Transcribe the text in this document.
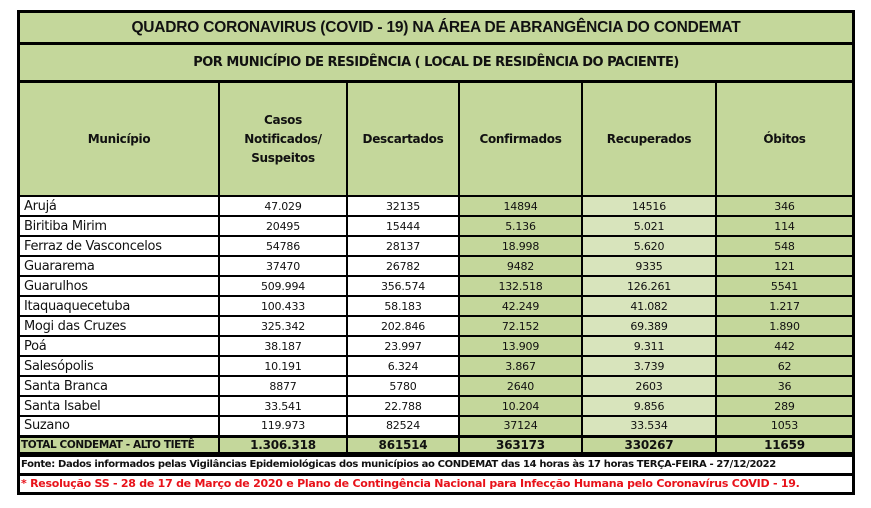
QUADRO CORONAVIRUS (COVID - 19) NA ÁREA DE ABRANGÊNCIA DO CONDEMAT
POR MUNICÍPIO DE RESIDÊNCIA ( LOCAL DE RESIDÊNCIA DO PACIENTE)
Município	Casos Notificados/ Suspeitos	Descartados	Confirmados	Recuperados	Óbitos
Arujá	47.029	32135	14894	14516	346
Biritiba Mirim	20495	15444	5.136	5.021	114
Ferraz de Vasconcelos	54786	28137	18.998	5.620	548
Guararema	37470	26782	9482	9335	121
Guarulhos	509.994	356.574	132.518	126.261	5541
Itaquaquecetuba	100.433	58.183	42.249	41.082	1.217
Mogi das Cruzes	325.342	202.846	72.152	69.389	1.890
Poá	38.187	23.997	13.909	9.311	442
Salesópolis	10.191	6.324	3.867	3.739	62
Santa Branca	8877	5780	2640	2603	36
Santa Isabel	33.541	22.788	10.204	9.856	289
Suzano	119.973	82524	37124	33.534	1053
TOTAL CONDEMAT - ALTO TIETÊ	1.306.318	861514	363173	330267	11659
Fonte: Dados informados pelas Vigilâncias Epidemiológicas dos municípios ao CONDEMAT das 14 horas às 17 horas TERÇA-FEIRA - 27/12/2022
* Resolução SS - 28 de 17 de Março de 2020 e Plano de Contingência Nacional para Infecção Humana pelo Coronavírus COVID - 19.
